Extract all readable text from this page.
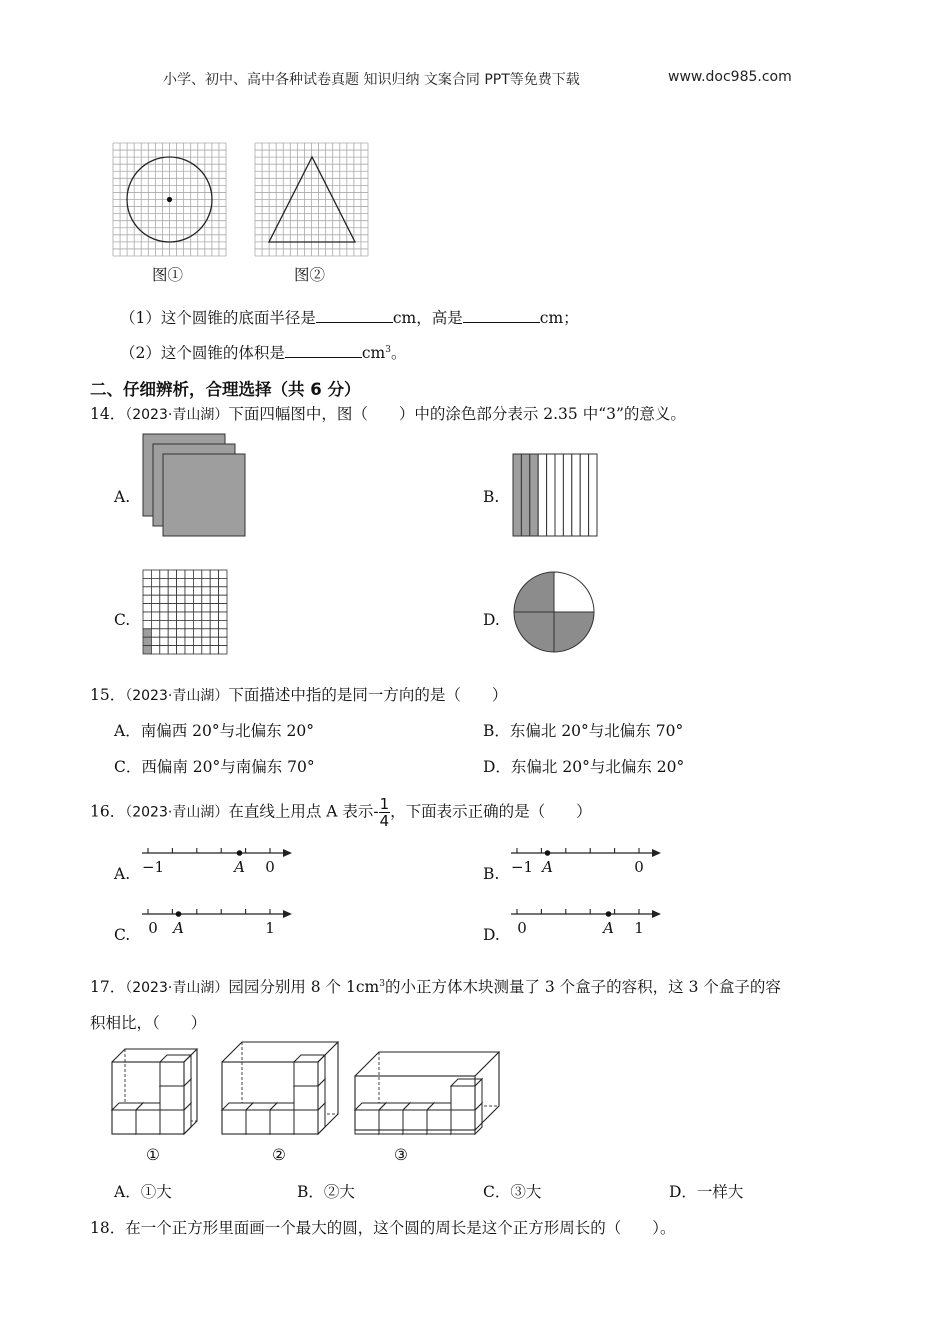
小学、初中、高中各种试卷真题 知识归纳 文案合同 PPT等免费下载	www.doc985.com
图①	图②
（1）这个圆锥的底面半径是	cm，高是	cm；
（2）这个圆锥的体积是	$cm^3$。
二、仔细辨析，合理选择（共 6 分）
14．（2023·青山湖）下面四幅图中，图（　　）中的涂色部分表示 2.35 中“3”的意义。
A.	B.
C.	D.
15．（2023·青山湖）下面描述中指的是同一方向的是（　　）
A．南偏西 20°与北偏东 20°	B．东偏北 20°与北偏东 70°
C．西偏南 20°与南偏东 70°	D．东偏北 20°与北偏东 20°
16．（2023·青山湖）在直线上用点 A 表示- $\frac{1}{4}$ ，下面表示正确的是（　　）
A. −1	A 0	B. −1 A	0
C. 0 A	1	D. 0	A 1
17．（2023·青山湖）园园分别用 8 个 $1cm^3$的小正方体木块测量了 3 个盒子的容积，这 3 个盒子的容
积相比，（　　）
①	②	③
A．①大	B．②大	C．③大	D．一样大
18．在一个正方形里面画一个最大的圆，这个圆的周长是这个正方形周长的（　　）。
